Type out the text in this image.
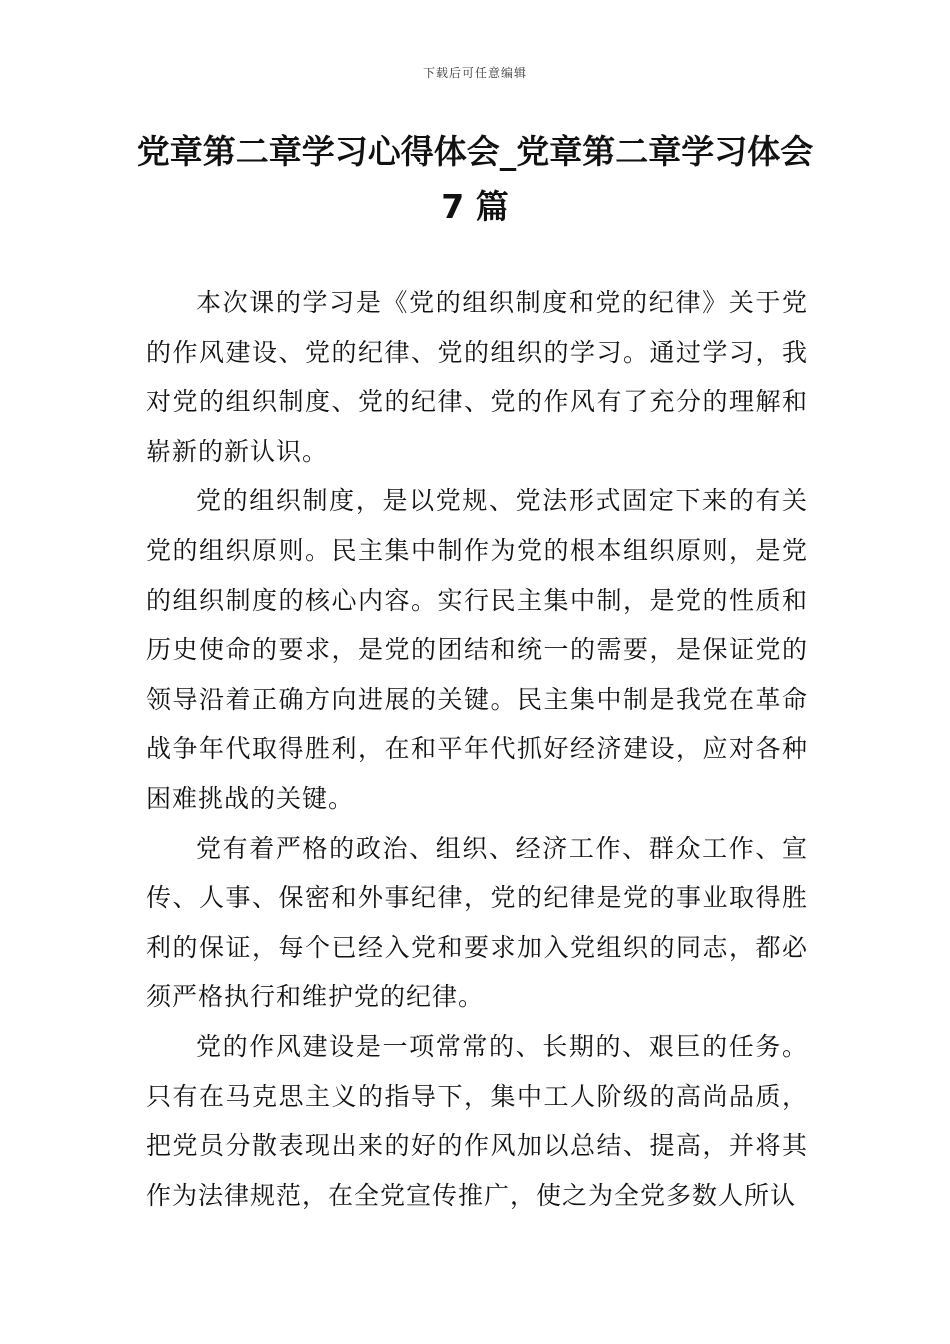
下载后可任意编辑
党章第二章学习心得体会_党章第二章学习体会 7 篇

本次课的学习是《党的组织制度和党的纪律》关于党的作风建设、党的纪律、党的组织的学习。通过学习，我对党的组织制度、党的纪律、党的作风有了充分的理解和崭新的新认识。

党的组织制度，是以党规、党法形式固定下来的有关党的组织原则。民主集中制作为党的根本组织原则，是党的组织制度的核心内容。实行民主集中制，是党的性质和历史使命的要求，是党的团结和统一的需要，是保证党的领导沿着正确方向进展的关键。民主集中制是我党在革命战争年代取得胜利，在和平年代抓好经济建设，应对各种困难挑战的关键。

党有着严格的政治、组织、经济工作、群众工作、宣传、人事、保密和外事纪律，党的纪律是党的事业取得胜利的保证，每个已经入党和要求加入党组织的同志，都必须严格执行和维护党的纪律。

党的作风建设是一项常常的、长期的、艰巨的任务。只有在马克思主义的指导下，集中工人阶级的高尚品质，把党员分散表现出来的好的作风加以总结、提高，并将其作为法律规范，在全党宣传推广，使之为全党多数人所认
